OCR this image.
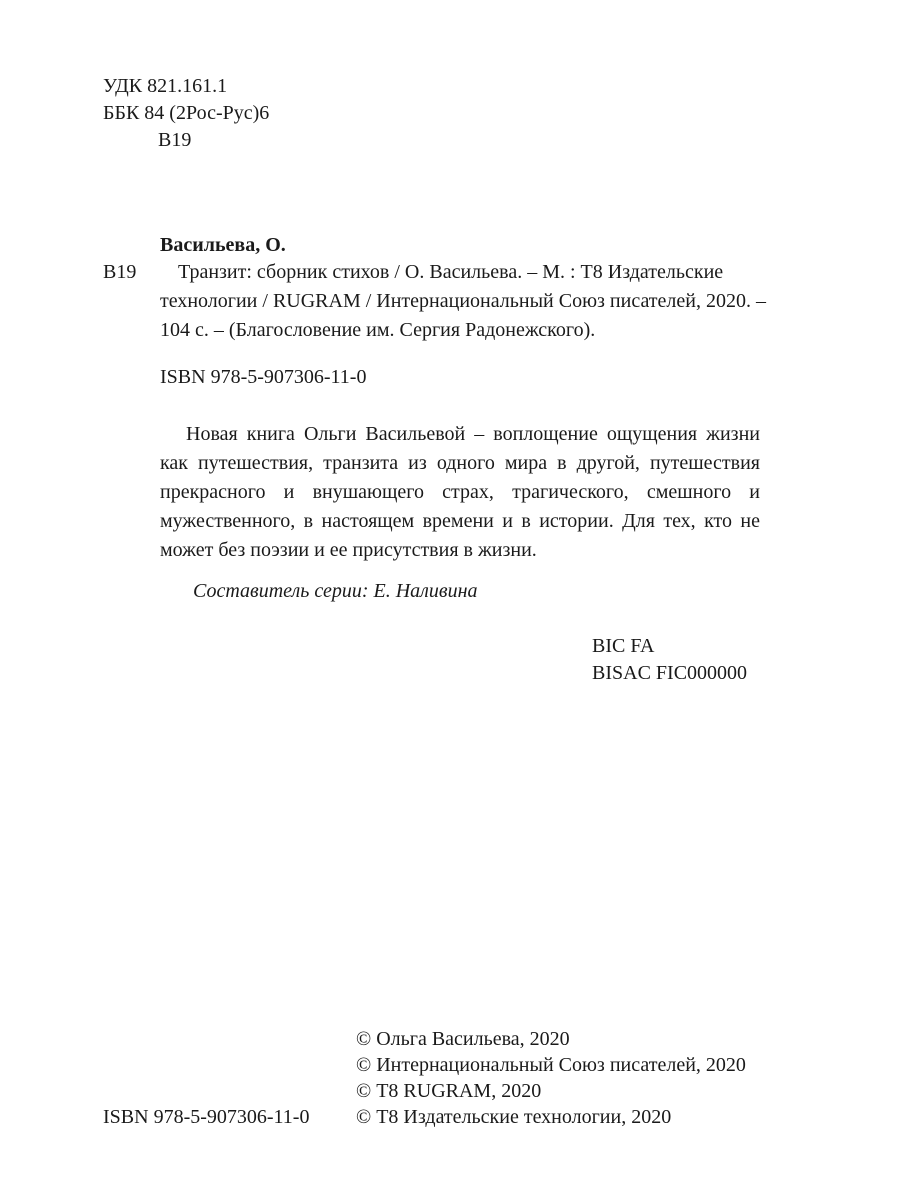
УДК 821.161.1
ББК 84 (2Рос-Рус)6
В19
Васильева, О.
В19	Транзит: сборник стихов / О. Васильева. – М. : Т8 Издательские технологии / RUGRAM / Интернациональный Союз писателей, 2020. – 104 с. – (Благословение им. Сергия Радонежского).
ISBN 978-5-907306-11-0
Новая книга Ольги Васильевой – воплощение ощущения жизни как путешествия, транзита из одного мира в другой, путешествия прекрасного и внушающего страх, трагического, смешного и мужественного, в настоящем времени и в истории. Для тех, кто не может без поэзии и ее присутствия в жизни.
Составитель серии: Е. Наливина
BIC FA
BISAC FIC000000
© Ольга Васильева, 2020
© Интернациональный Союз писателей, 2020
© Т8 RUGRAM, 2020
© Т8 Издательские технологии, 2020
ISBN 978-5-907306-11-0
